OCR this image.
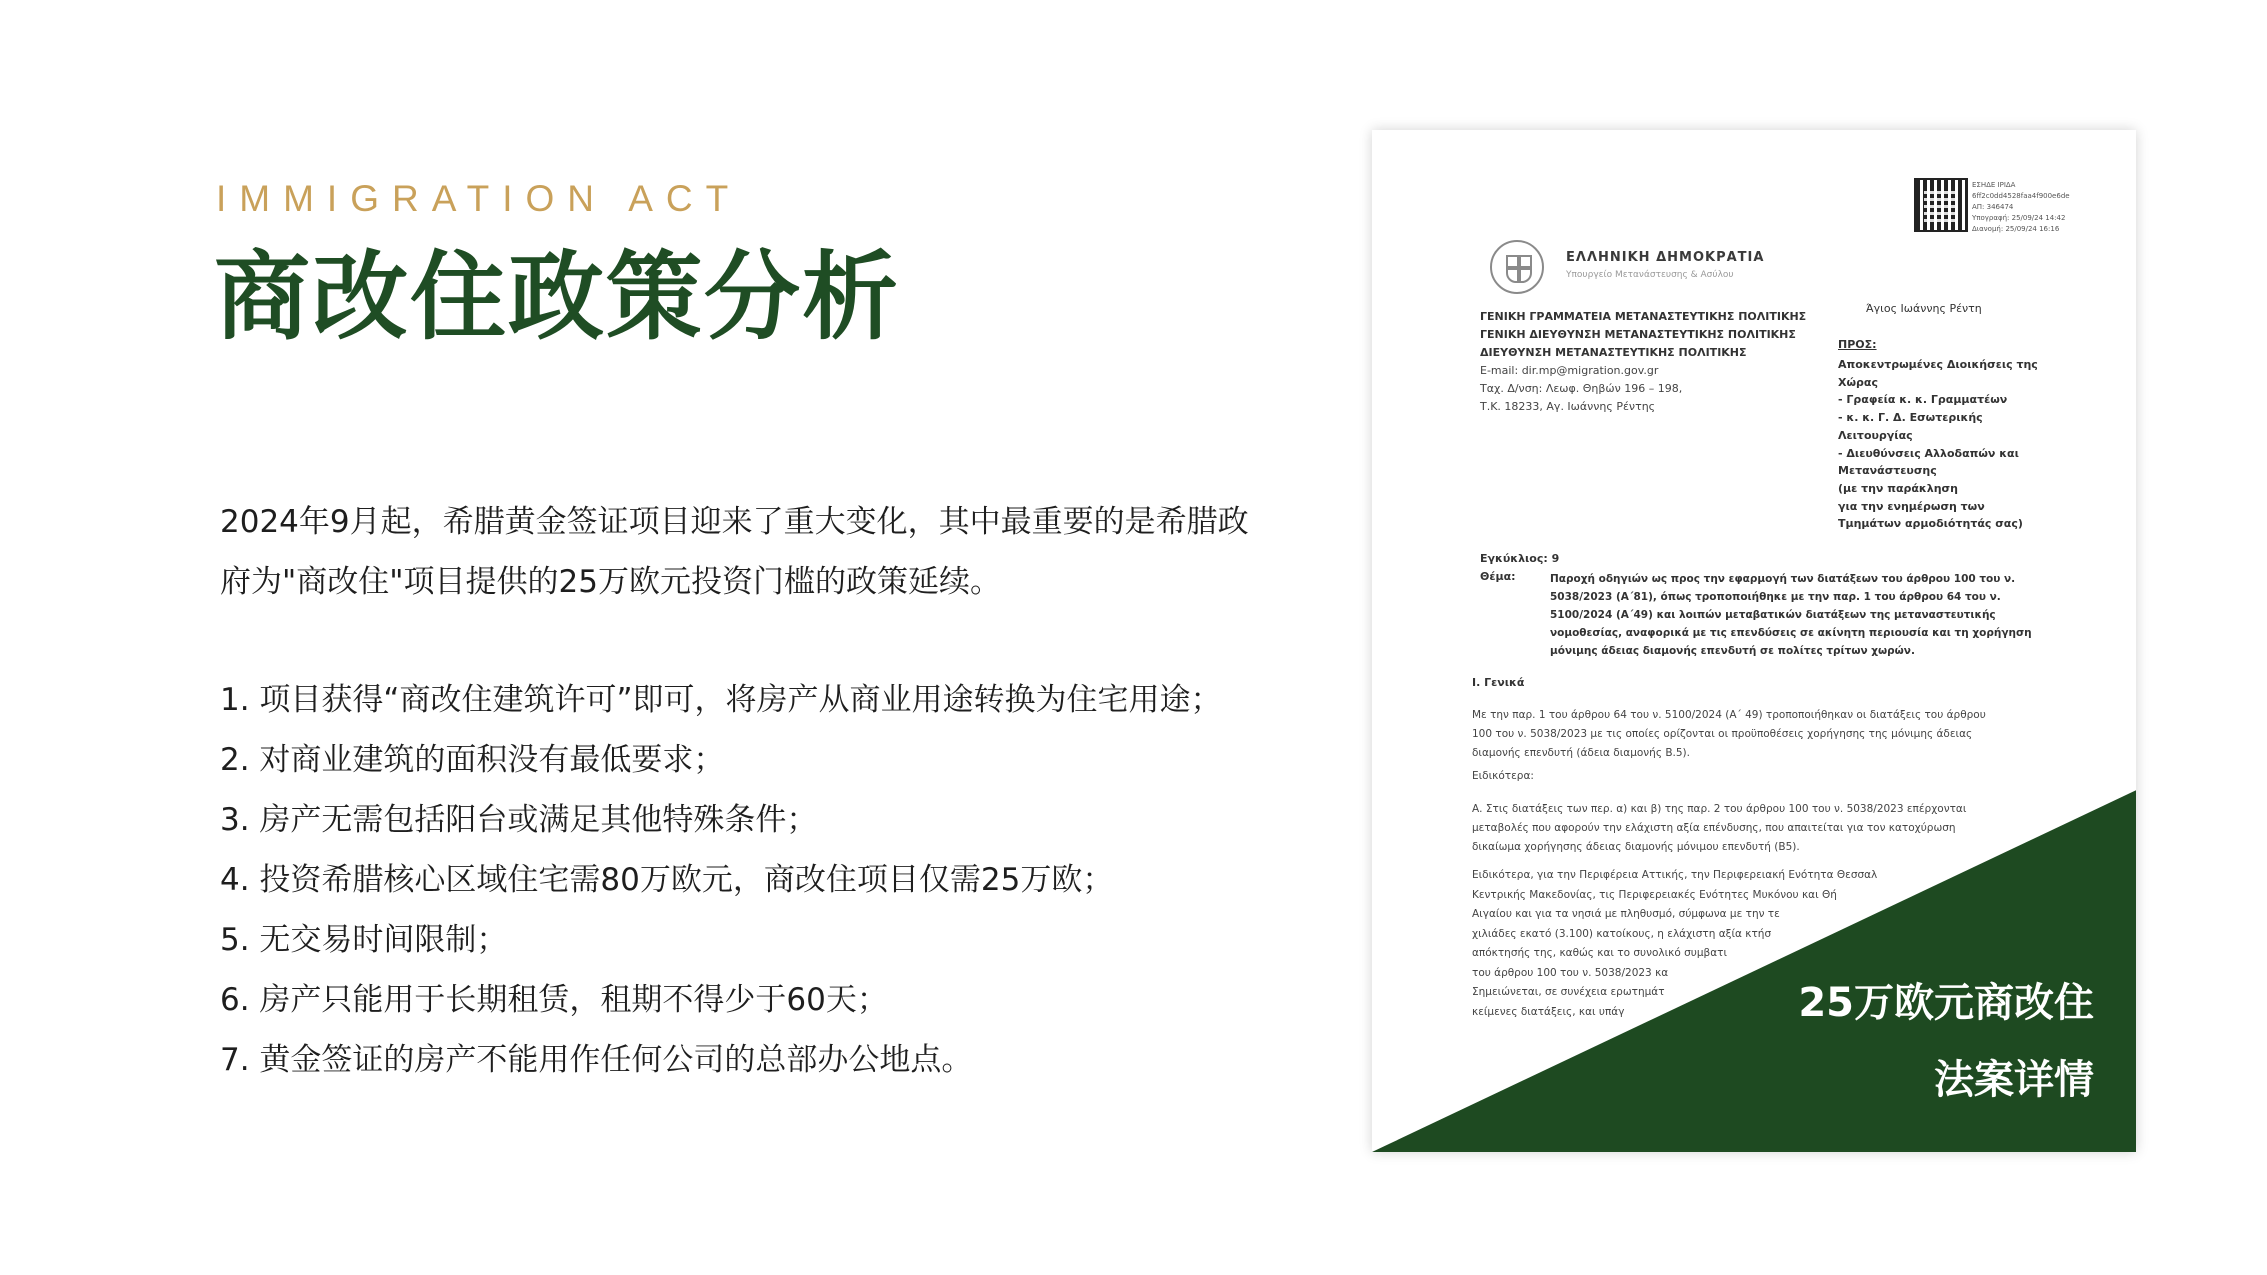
IMMIGRATION ACT
商改住政策分析
2024年9月起，希腊黄金签证项目迎来了重大变化，其中最重要的是希腊政府为"商改住"项目提供的25万欧元投资门槛的政策延续。
1. 项目获得“商改住建筑许可”即可，将房产从商业用途转换为住宅用途；
2. 对商业建筑的面积没有最低要求；
3. 房产无需包括阳台或满足其他特殊条件；
4. 投资希腊核心区域住宅需80万欧元，商改住项目仅需25万欧；
5. 无交易时间限制；
6. 房产只能用于长期租赁，租期不得少于60天；
7. 黄金签证的房产不能用作任何公司的总部办公地点。
ΕΣΗΔΕ ΙΡΙΔΑ
6ff2c0dd4528faa4f900e6de
ΑΠ: 346474
Υπογραφή: 25/09/24 14:42
Διανομή: 25/09/24 16:16
ΕΛΛΗΝΙΚΗ ΔΗΜΟΚΡΑΤΙΑ
Υπουργείο Μετανάστευσης & Ασύλου
ΓΕΝΙΚΗ ΓΡΑΜΜΑΤΕΙΑ ΜΕΤΑΝΑΣΤΕΥΤΙΚΗΣ ΠΟΛΙΤΙΚΗΣ
ΓΕΝΙΚΗ ΔΙΕΥΘΥΝΣΗ ΜΕΤΑΝΑΣΤΕΥΤΙΚΗΣ ΠΟΛΙΤΙΚΗΣ
ΔΙΕΥΘΥΝΣΗ ΜΕΤΑΝΑΣΤΕΥΤΙΚΗΣ ΠΟΛΙΤΙΚΗΣ
E-mail: dir.mp@migration.gov.gr
Ταχ. Δ/νση: Λεωφ. Θηβών 196 – 198,
Τ.Κ. 18233, Αγ. Ιωάννης Ρέντης
Άγιος Ιωάννης Ρέντη
ΠΡΟΣ:
Αποκεντρωμένες Διοικήσεις της
Χώρας
- Γραφεία κ. κ. Γραμματέων
- κ. κ. Γ. Δ. Εσωτερικής
Λειτουργίας
- Διευθύνσεις Αλλοδαπών και
Μετανάστευσης
(με την παράκληση
για την ενημέρωση των
Τμημάτων αρμοδιότητάς σας)
Εγκύκλιος: 9
Θέμα:	Παροχή οδηγιών ως προς την εφαρμογή των διατάξεων του άρθρου 100 του ν.
5038/2023 (Α΄81), όπως τροποποιήθηκε με την παρ. 1 του άρθρου 64 του ν.
5100/2024 (Α΄49) και λοιπών μεταβατικών διατάξεων της μεταναστευτικής
νομοθεσίας, αναφορικά με τις επενδύσεις σε ακίνητη περιουσία και τη χορήγηση
μόνιμης άδειας διαμονής επενδυτή σε πολίτες τρίτων χωρών.
Ι. Γενικά
Με την παρ. 1 του άρθρου 64 του ν. 5100/2024 (Α΄ 49) τροποποιήθηκαν οι διατάξεις του άρθρου
100 του ν. 5038/2023 με τις οποίες ορίζονται οι προϋποθέσεις χορήγησης της μόνιμης άδειας
διαμονής επενδυτή (άδεια διαμονής Β.5).
Ειδικότερα:
Α. Στις διατάξεις των περ. α) και β) της παρ. 2 του άρθρου 100 του ν. 5038/2023 επέρχονται
μεταβολές που αφορούν την ελάχιστη αξία επένδυσης, που απαιτείται για τον κατοχύρωση
δικαίωμα χορήγησης άδειας διαμονής μόνιμου επενδυτή (Β5).
Ειδικότερα, για την Περιφέρεια Αττικής, την Περιφερειακή Ενότητα Θεσσαλ
Κεντρικής Μακεδονίας, τις Περιφερειακές Ενότητες Μυκόνου και Θή
Αιγαίου και για τα νησιά με πληθυσμό, σύμφωνα με την τε
χιλιάδες εκατό (3.100) κατοίκους, η ελάχιστη αξία κτήσ
απόκτησής της, καθώς και το συνολικό συμβατι
του άρθρου 100 του ν. 5038/2023 κα
Σημειώνεται, σε συνέχεια ερωτημάτ
κείμενες διατάξεις, και υπάγ	25万欧元商改住
法案详情
